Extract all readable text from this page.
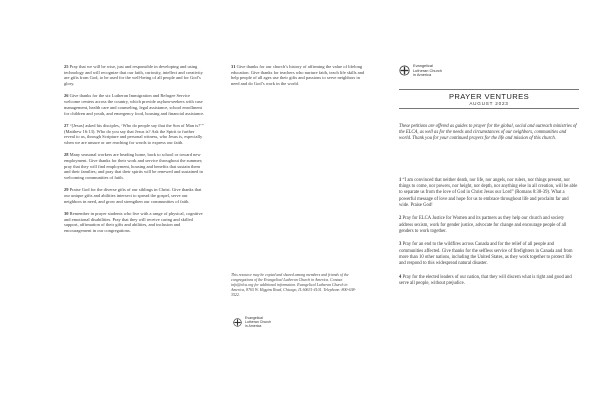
25 Pray that we will be wise, just and responsible in developing and using technology and will recognize that our faith, curiosity, intellect and creativity are gifts from God, to be used for the well-being of all people and for God’s glory.

26 Give thanks for the six Lutheran Immigration and Refugee Service welcome centers across the country, which provide asylum-seekers with case management, health care and counseling, legal assistance, school enrollment for children and youth, and emergency food, housing and financial assistance.

27 “[Jesus] asked his disciples, ‘Who do people say that the Son of Man is?’” (Matthew 16:13). Who do you say that Jesus is? Ask the Spirit to further reveal to us, through Scripture and personal witness, who Jesus is, especially when we are unsure or are reaching for words to express our faith.

28 Many seasonal workers are heading home, back to school or toward new employment. Give thanks for their work and service throughout the summer; pray that they will find employment, housing and benefits that sustain them and their families; and pray that their spirits will be renewed and sustained in welcoming communities of faith.

29 Praise God for the diverse gifts of our siblings in Christ. Give thanks that our unique gifts and abilities intersect to spread the gospel, serve our neighbors in need, and grow and strengthen our communities of faith.

30 Remember in prayer students who live with a range of physical, cognitive and emotional disabilities. Pray that they will receive caring and skilled support, affirmation of their gifts and abilities, and inclusion and encouragement in our congregations.

31 Give thanks for our church’s history of affirming the value of lifelong education. Give thanks for teachers who nurture faith, teach life skills and help people of all ages use their gifts and passions to serve neighbors in need and do God’s work in the world.

This resource may be copied and shared among members and friends of the congregations of the Evangelical Lutheran Church in America. Contact info@elca.org for additional information. Evangelical Lutheran Church in America, 8765 W. Higgins Road, Chicago, IL 60631-4101. Telephone: 800-638-3522.
Evangelical
Lutheran Church
in America
Evangelical
Lutheran Church
in America
PRAYER VENTURES
AUGUST 2023
These petitions are offered as guides to prayer for the global, social and outreach ministries of the ELCA, as well as for the needs and circumstances of our neighbors, communities and world. Thank you for your continued prayers for the life and mission of this church.

1 “I am convinced that neither death, nor life, nor angels, nor rulers, nor things present, nor things to come, nor powers, nor height, nor depth, nor anything else in all creation, will be able to separate us from the love of God in Christ Jesus our Lord” (Romans 8:38-39). What a powerful message of love and hope for us to embrace throughout life and proclaim far and wide. Praise God!

2 Pray for ELCA Justice for Women and its partners as they help our church and society address sexism, work for gender justice, advocate for change and encourage people of all genders to work together.

3 Pray for an end to the wildfires across Canada and for the relief of all people and communities affected. Give thanks for the selfless service of firefighters in Canada and from more than 10 other nations, including the United States, as they work together to protect life and respond to this widespread natural disaster.

4 Pray for the elected leaders of our nation, that they will discern what is right and good and serve all people, without prejudice.
